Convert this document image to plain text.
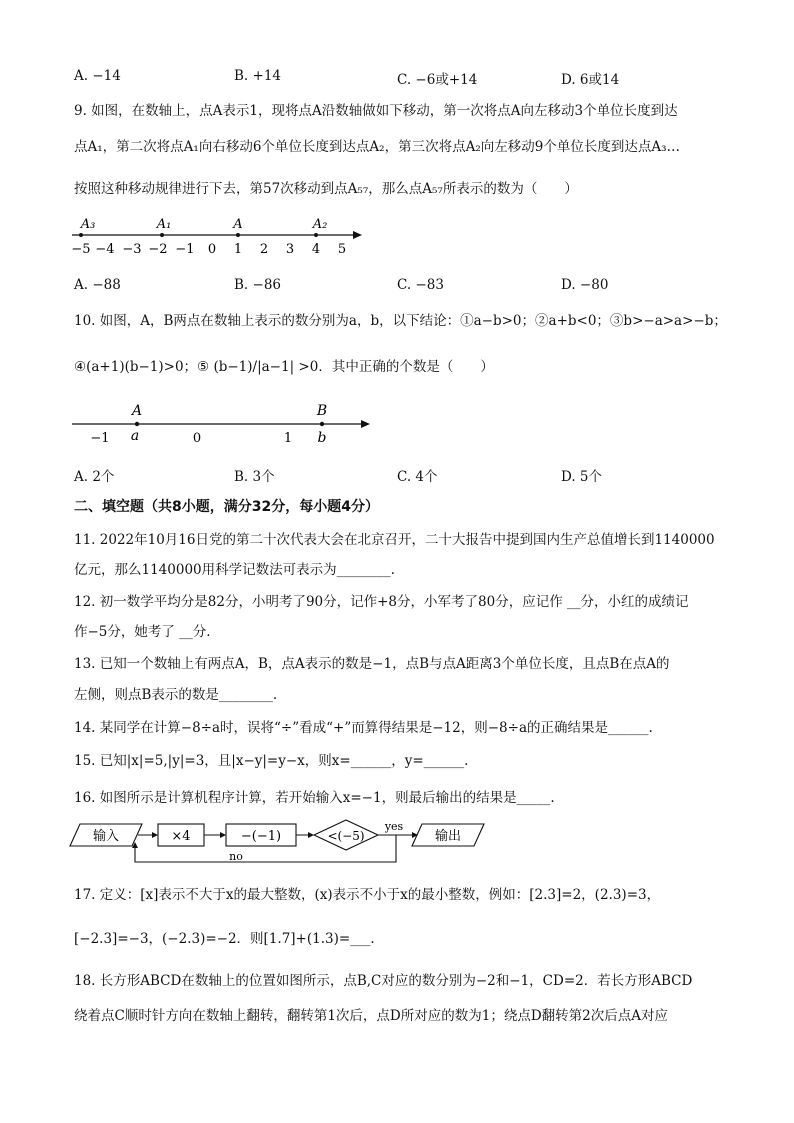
A. −14	B. +14	C. −6或+14	D. 6或14
9. 如图，在数轴上，点A表示1，现将点A沿数轴做如下移动，第一次将点A向左移动3个单位长度到达
点A₁，第二次将点A₁向右移动6个单位长度到达点A₂，第三次将点A₂向左移动9个单位长度到达点A₃…
按照这种移动规律进行下去，第57次移动到点A₅₇，那么点A₅₇所表示的数为（　　）
−5 −4 −3 −2 −1 0 1 2 3 4 5
A₃	A₁	A	A₂
A. −88	B. −86	C. −83	D. −80
10. 如图，A，B两点在数轴上表示的数分别为a，b，以下结论：①a−b>0；②a+b<0；③b>−a>a>−b；
④(a+1)(b−1)>0；⑤ (b−1)/|a−1| >0．其中正确的个数是（　　）
−1	0	1
A
a
B
b
A. 2个	B. 3个	C. 4个	D. 5个
二、填空题（共8小题，满分32分，每小题4分）
11. 2022年10月16日党的第二十次代表大会在北京召开，二十大报告中提到国内生产总值增长到1140000
亿元，那么1140000用科学记数法可表示为________.
12. 初一数学平均分是82分，小明考了90分，记作+8分，小军考了80分，应记作 __分，小红的成绩记
作−5分，她考了 __分.
13. 已知一个数轴上有两点A，B，点A表示的数是−1，点B与点A距离3个单位长度，且点B在点A的
左侧，则点B表示的数是________.
14. 某同学在计算−8÷a时，误将“÷”看成“+”而算得结果是−12，则−8÷a的正确结果是______.
15. 已知|x|=5,|y|=3，且|x−y|=y−x，则x=______，y=______.
16. 如图所示是计算机程序计算，若开始输入x=−1，则最后输出的结果是_____.
输入	×4	−(−1)	<(−5)
yes
输出
no
17. 定义：[x]表示不大于x的最大整数，(x)表示不小于x的最小整数，例如：[2.3]=2，(2.3)=3，
[−2.3]=−3，(−2.3)=−2．则[1.7]+(1.3)=___.
18. 长方形ABCD在数轴上的位置如图所示，点B,C对应的数分别为−2和−1，CD=2．若长方形ABCD
绕着点C顺时针方向在数轴上翻转，翻转第1次后，点D所对应的数为1；绕点D翻转第2次后点A对应
